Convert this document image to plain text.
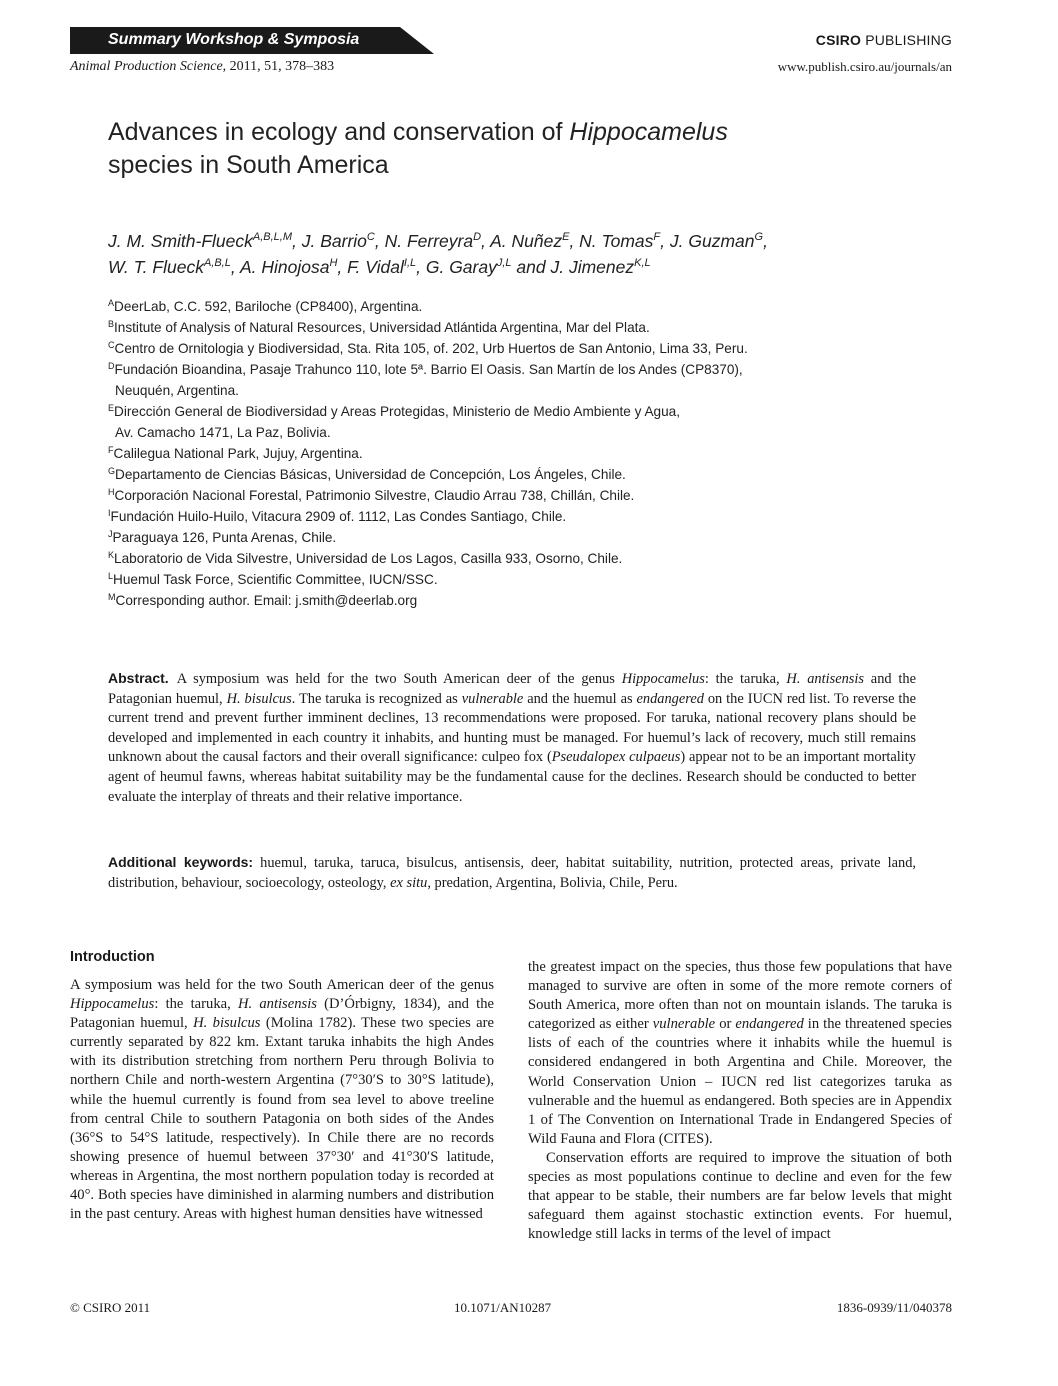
Summary Workshop & Symposia	CSIRO PUBLISHING
Animal Production Science, 2011, 51, 378–383	www.publish.csiro.au/journals/an
Advances in ecology and conservation of Hippocamelus
species in South America
J. M. Smith-Flueck$^{A,B,L,M}$, J. Barrio$^C$, N. Ferreyra$^D$, A. Nuñez$^E$, N. Tomas$^F$, J. Guzman$^G$,
W. T. Flueck$^{A,B,L}$, A. Hinojosa$^H$, F. Vidal$^{I,L}$, G. Garay$^{J,L}$ and J. Jimenez$^{K,L}$
$^A$DeerLab, C.C. 592, Bariloche (CP8400), Argentina.
$^B$Institute of Analysis of Natural Resources, Universidad Atlántida Argentina, Mar del Plata.
$^C$Centro de Ornitologia y Biodiversidad, Sta. Rita 105, of. 202, Urb Huertos de San Antonio, Lima 33, Peru.
$^D$Fundación Bioandina, Pasaje Trahunco 110, lote 5ª. Barrio El Oasis. San Martín de los Andes (CP8370),
Neuquén, Argentina.
$^E$Dirección General de Biodiversidad y Areas Protegidas, Ministerio de Medio Ambiente y Agua,
Av. Camacho 1471, La Paz, Bolivia.
$^F$Calilegua National Park, Jujuy, Argentina.
$^G$Departamento de Ciencias Básicas, Universidad de Concepción, Los Ángeles, Chile.
$^H$Corporación Nacional Forestal, Patrimonio Silvestre, Claudio Arrau 738, Chillán, Chile.
$^I$Fundación Huilo-Huilo, Vitacura 2909 of. 1112, Las Condes Santiago, Chile.
$^J$Paraguaya 126, Punta Arenas, Chile.
$^K$Laboratorio de Vida Silvestre, Universidad de Los Lagos, Casilla 933, Osorno, Chile.
$^L$Huemul Task Force, Scientific Committee, IUCN/SSC.
$^M$Corresponding author. Email: j.smith@deerlab.org
Abstract. A symposium was held for the two South American deer of the genus Hippocamelus: the taruka, H. antisensis and the Patagonian huemul, H. bisulcus. The taruka is recognized as vulnerable and the huemul as endangered on the IUCN red list. To reverse the current trend and prevent further imminent declines, 13 recommendations were proposed. For taruka, national recovery plans should be developed and implemented in each country it inhabits, and hunting must be managed. For huemul’s lack of recovery, much still remains unknown about the causal factors and their overall significance: culpeo fox (Pseudalopex culpaeus) appear not to be an important mortality agent of heumul fawns, whereas habitat suitability may be the fundamental cause for the declines. Research should be conducted to better evaluate the interplay of threats and their relative importance.
Additional keywords: huemul, taruka, taruca, bisulcus, antisensis, deer, habitat suitability, nutrition, protected areas, private land, distribution, behaviour, socioecology, osteology, ex situ, predation, Argentina, Bolivia, Chile, Peru.
Introduction
A symposium was held for the two South American deer of the genus Hippocamelus: the taruka, H. antisensis (D’Órbigny, 1834), and the Patagonian huemul, H. bisulcus (Molina 1782). These two species are currently separated by 822 km. Extant taruka inhabits the high Andes with its distribution stretching from northern Peru through Bolivia to northern Chile and north-western Argentina (7°30′S to 30°S latitude), while the huemul currently is found from sea level to above treeline from central Chile to southern Patagonia on both sides of the Andes (36°S to 54°S latitude, respectively). In Chile there are no records showing presence of huemul between 37°30′ and 41°30′S latitude, whereas in Argentina, the most northern population today is recorded at 40°. Both species have diminished in alarming numbers and distribution in the past century. Areas with highest human densities have witnessed
the greatest impact on the species, thus those few populations that have managed to survive are often in some of the more remote corners of South America, more often than not on mountain islands. The taruka is categorized as either vulnerable or endangered in the threatened species lists of each of the countries where it inhabits while the huemul is considered endangered in both Argentina and Chile. Moreover, the World Conservation Union – IUCN red list categorizes taruka as vulnerable and the huemul as endangered. Both species are in Appendix 1 of The Convention on International Trade in Endangered Species of Wild Fauna and Flora (CITES).
Conservation efforts are required to improve the situation of both species as most populations continue to decline and even for the few that appear to be stable, their numbers are far below levels that might safeguard them against stochastic extinction events. For huemul, knowledge still lacks in terms of the level of impact
© CSIRO 2011	10.1071/AN10287	1836-0939/11/040378
